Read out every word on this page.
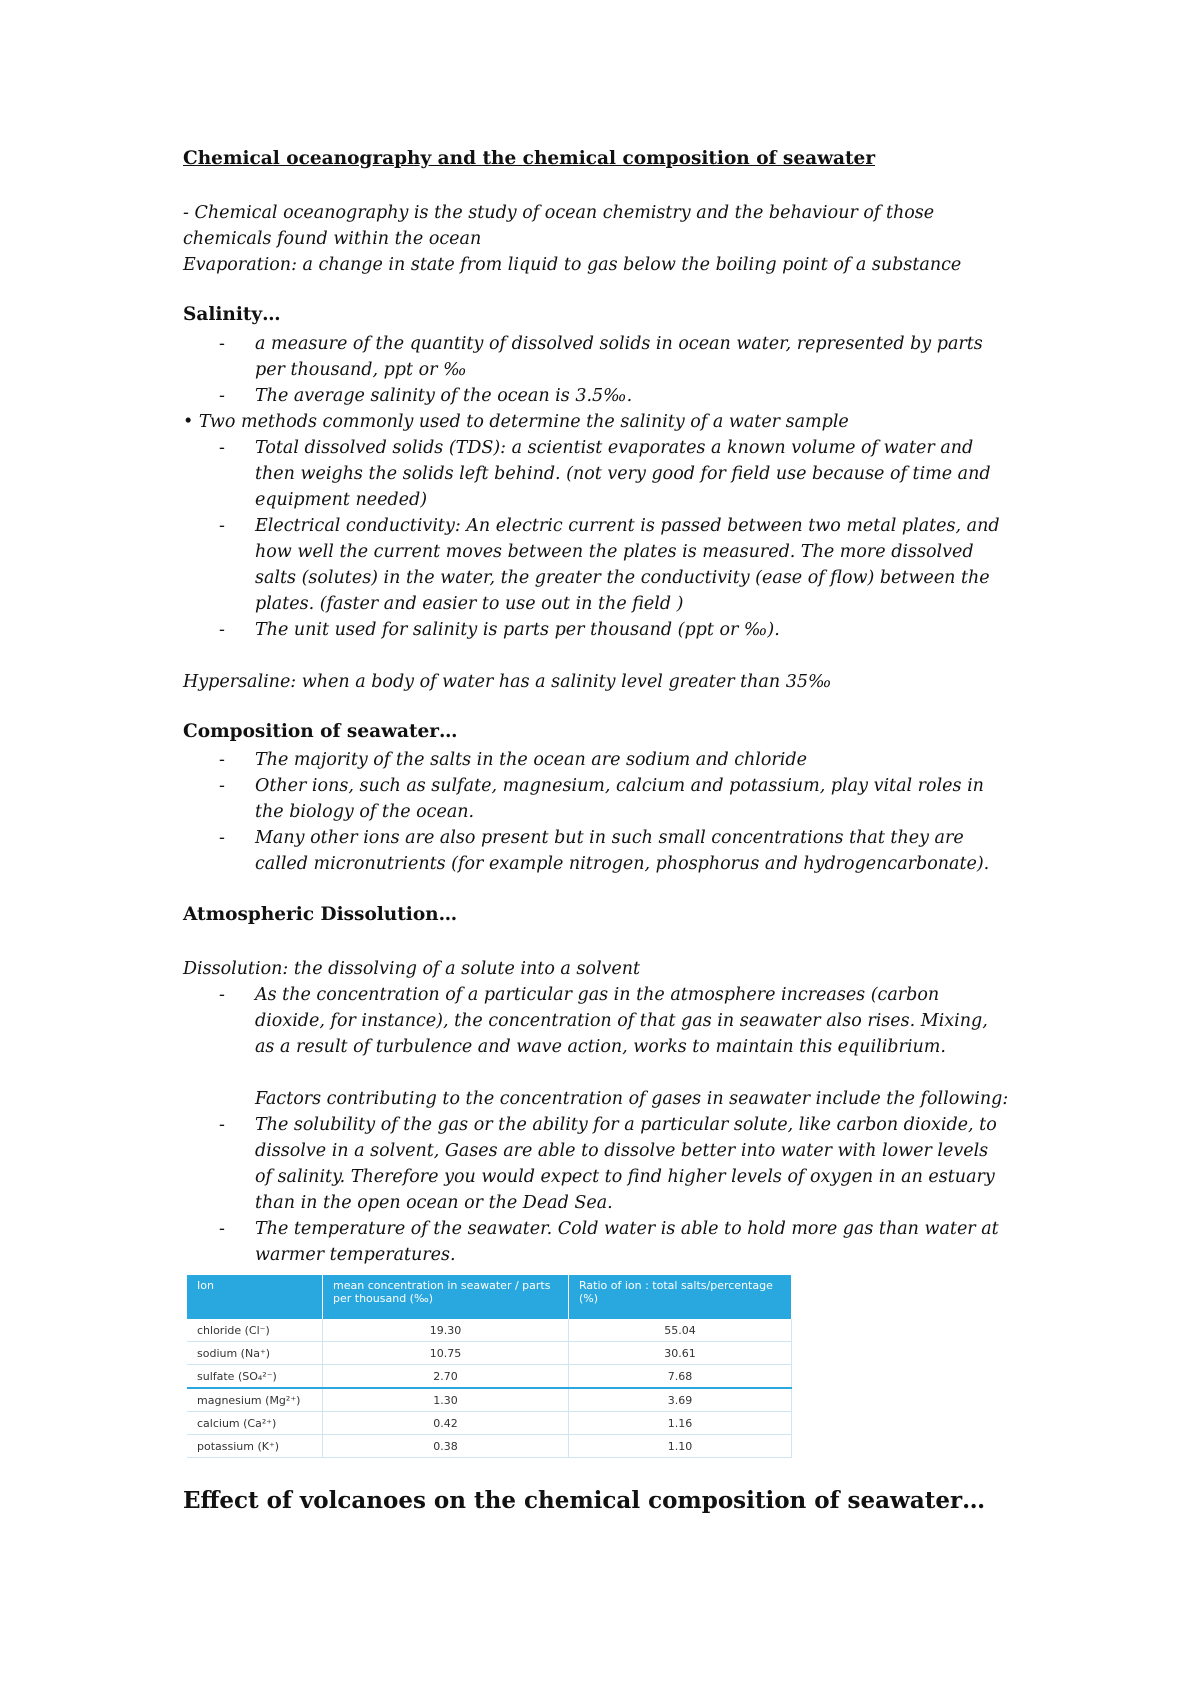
Chemical oceanography and the chemical composition of seawater
- Chemical oceanography is the study of ocean chemistry and the behaviour of those
chemicals found within the ocean
Evaporation: a change in state from liquid to gas below the boiling point of a substance
Salinity…
- a measure of the quantity of dissolved solids in ocean water, represented by parts
per thousand, ppt or ‰
- The average salinity of the ocean is 3.5‰.
• Two methods commonly used to determine the salinity of a water sample
- Total dissolved solids (TDS): a scientist evaporates a known volume of water and
then weighs the solids left behind. (not very good for field use because of time and
equipment needed)
- Electrical conductivity: An electric current is passed between two metal plates, and
how well the current moves between the plates is measured. The more dissolved
salts (solutes) in the water, the greater the conductivity (ease of flow) between the
plates. (faster and easier to use out in the field )
- The unit used for salinity is parts per thousand (ppt or ‰).
Hypersaline: when a body of water has a salinity level greater than 35‰
Composition of seawater…
- The majority of the salts in the ocean are sodium and chloride
- Other ions, such as sulfate, magnesium, calcium and potassium, play vital roles in
the biology of the ocean.
- Many other ions are also present but in such small concentrations that they are
called micronutrients (for example nitrogen, phosphorus and hydrogencarbonate).
Atmospheric Dissolution…
Dissolution: the dissolving of a solute into a solvent
- As the concentration of a particular gas in the atmosphere increases (carbon
dioxide, for instance), the concentration of that gas in seawater also rises. Mixing,
as a result of turbulence and wave action, works to maintain this equilibrium.
Factors contributing to the concentration of gases in seawater include the following:
- The solubility of the gas or the ability for a particular solute, like carbon dioxide, to
dissolve in a solvent, Gases are able to dissolve better into water with lower levels
of salinity. Therefore you would expect to find higher levels of oxygen in an estuary
than in the open ocean or the Dead Sea.
- The temperature of the seawater. Cold water is able to hold more gas than water at
warmer temperatures.
Ion	mean concentration in seawater / parts per thousand (‰)	Ratio of ion : total salts/percentage (%)
chloride (Cl⁻)	19.30	55.04
sodium (Na⁺)	10.75	30.61
sulfate (SO₄²⁻)	2.70	7.68
magnesium (Mg²⁺)	1.30	3.69
calcium (Ca²⁺)	0.42	1.16
potassium (K⁺)	0.38	1.10
Effect of volcanoes on the chemical composition of seawater…
